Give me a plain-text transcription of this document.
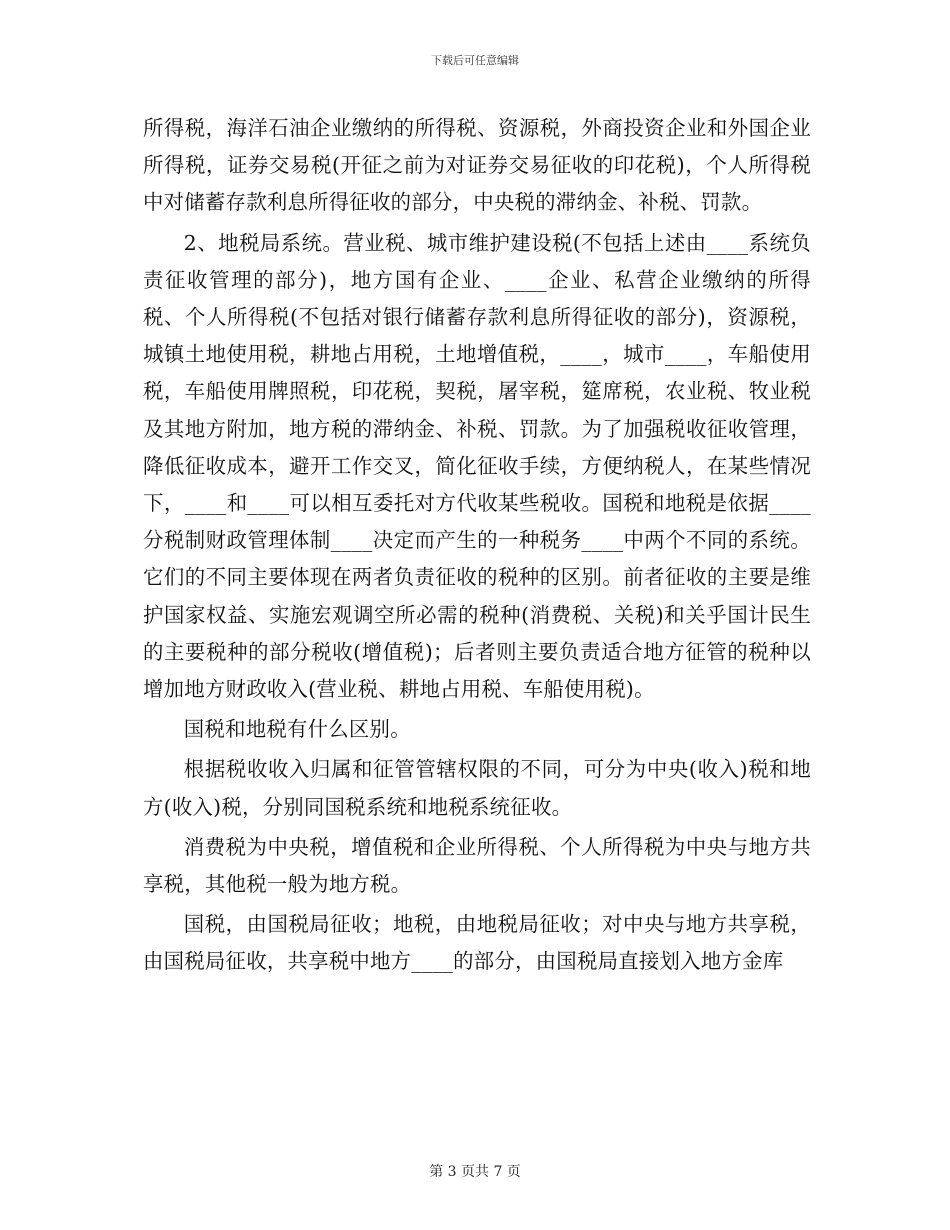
下载后可任意编辑

所得税，海洋石油企业缴纳的所得税、资源税，外商投资企业和外国企业所得税，证券交易税(开征之前为对证券交易征收的印花税)，个人所得税中对储蓄存款利息所得征收的部分，中央税的滞纳金、补税、罚款。

2、地税局系统。营业税、城市维护建设税(不包括上述由____系统负责征收管理的部分)，地方国有企业、____企业、私营企业缴纳的所得税、个人所得税(不包括对银行储蓄存款利息所得征收的部分)，资源税，城镇土地使用税，耕地占用税，土地增值税，____，城市____，车船使用税，车船使用牌照税，印花税，契税，屠宰税，筵席税，农业税、牧业税及其地方附加，地方税的滞纳金、补税、罚款。为了加强税收征收管理，降低征收成本，避开工作交叉，简化征收手续，方便纳税人，在某些情况下，____和____可以相互委托对方代收某些税收。国税和地税是依据____分税制财政管理体制____决定而产生的一种税务____中两个不同的系统。它们的不同主要体现在两者负责征收的税种的区别。前者征收的主要是维护国家权益、实施宏观调空所必需的税种(消费税、关税)和关乎国计民生的主要税种的部分税收(增值税)；后者则主要负责适合地方征管的税种以增加地方财政收入(营业税、耕地占用税、车船使用税)。

国税和地税有什么区别。

根据税收收入归属和征管管辖权限的不同，可分为中央(收入)税和地方(收入)税，分别同国税系统和地税系统征收。

消费税为中央税，增值税和企业所得税、个人所得税为中央与地方共享税，其他税一般为地方税。

国税，由国税局征收；地税，由地税局征收；对中央与地方共享税，由国税局征收，共享税中地方____的部分，由国税局直接划入地方金库

第 3 页共 7 页
